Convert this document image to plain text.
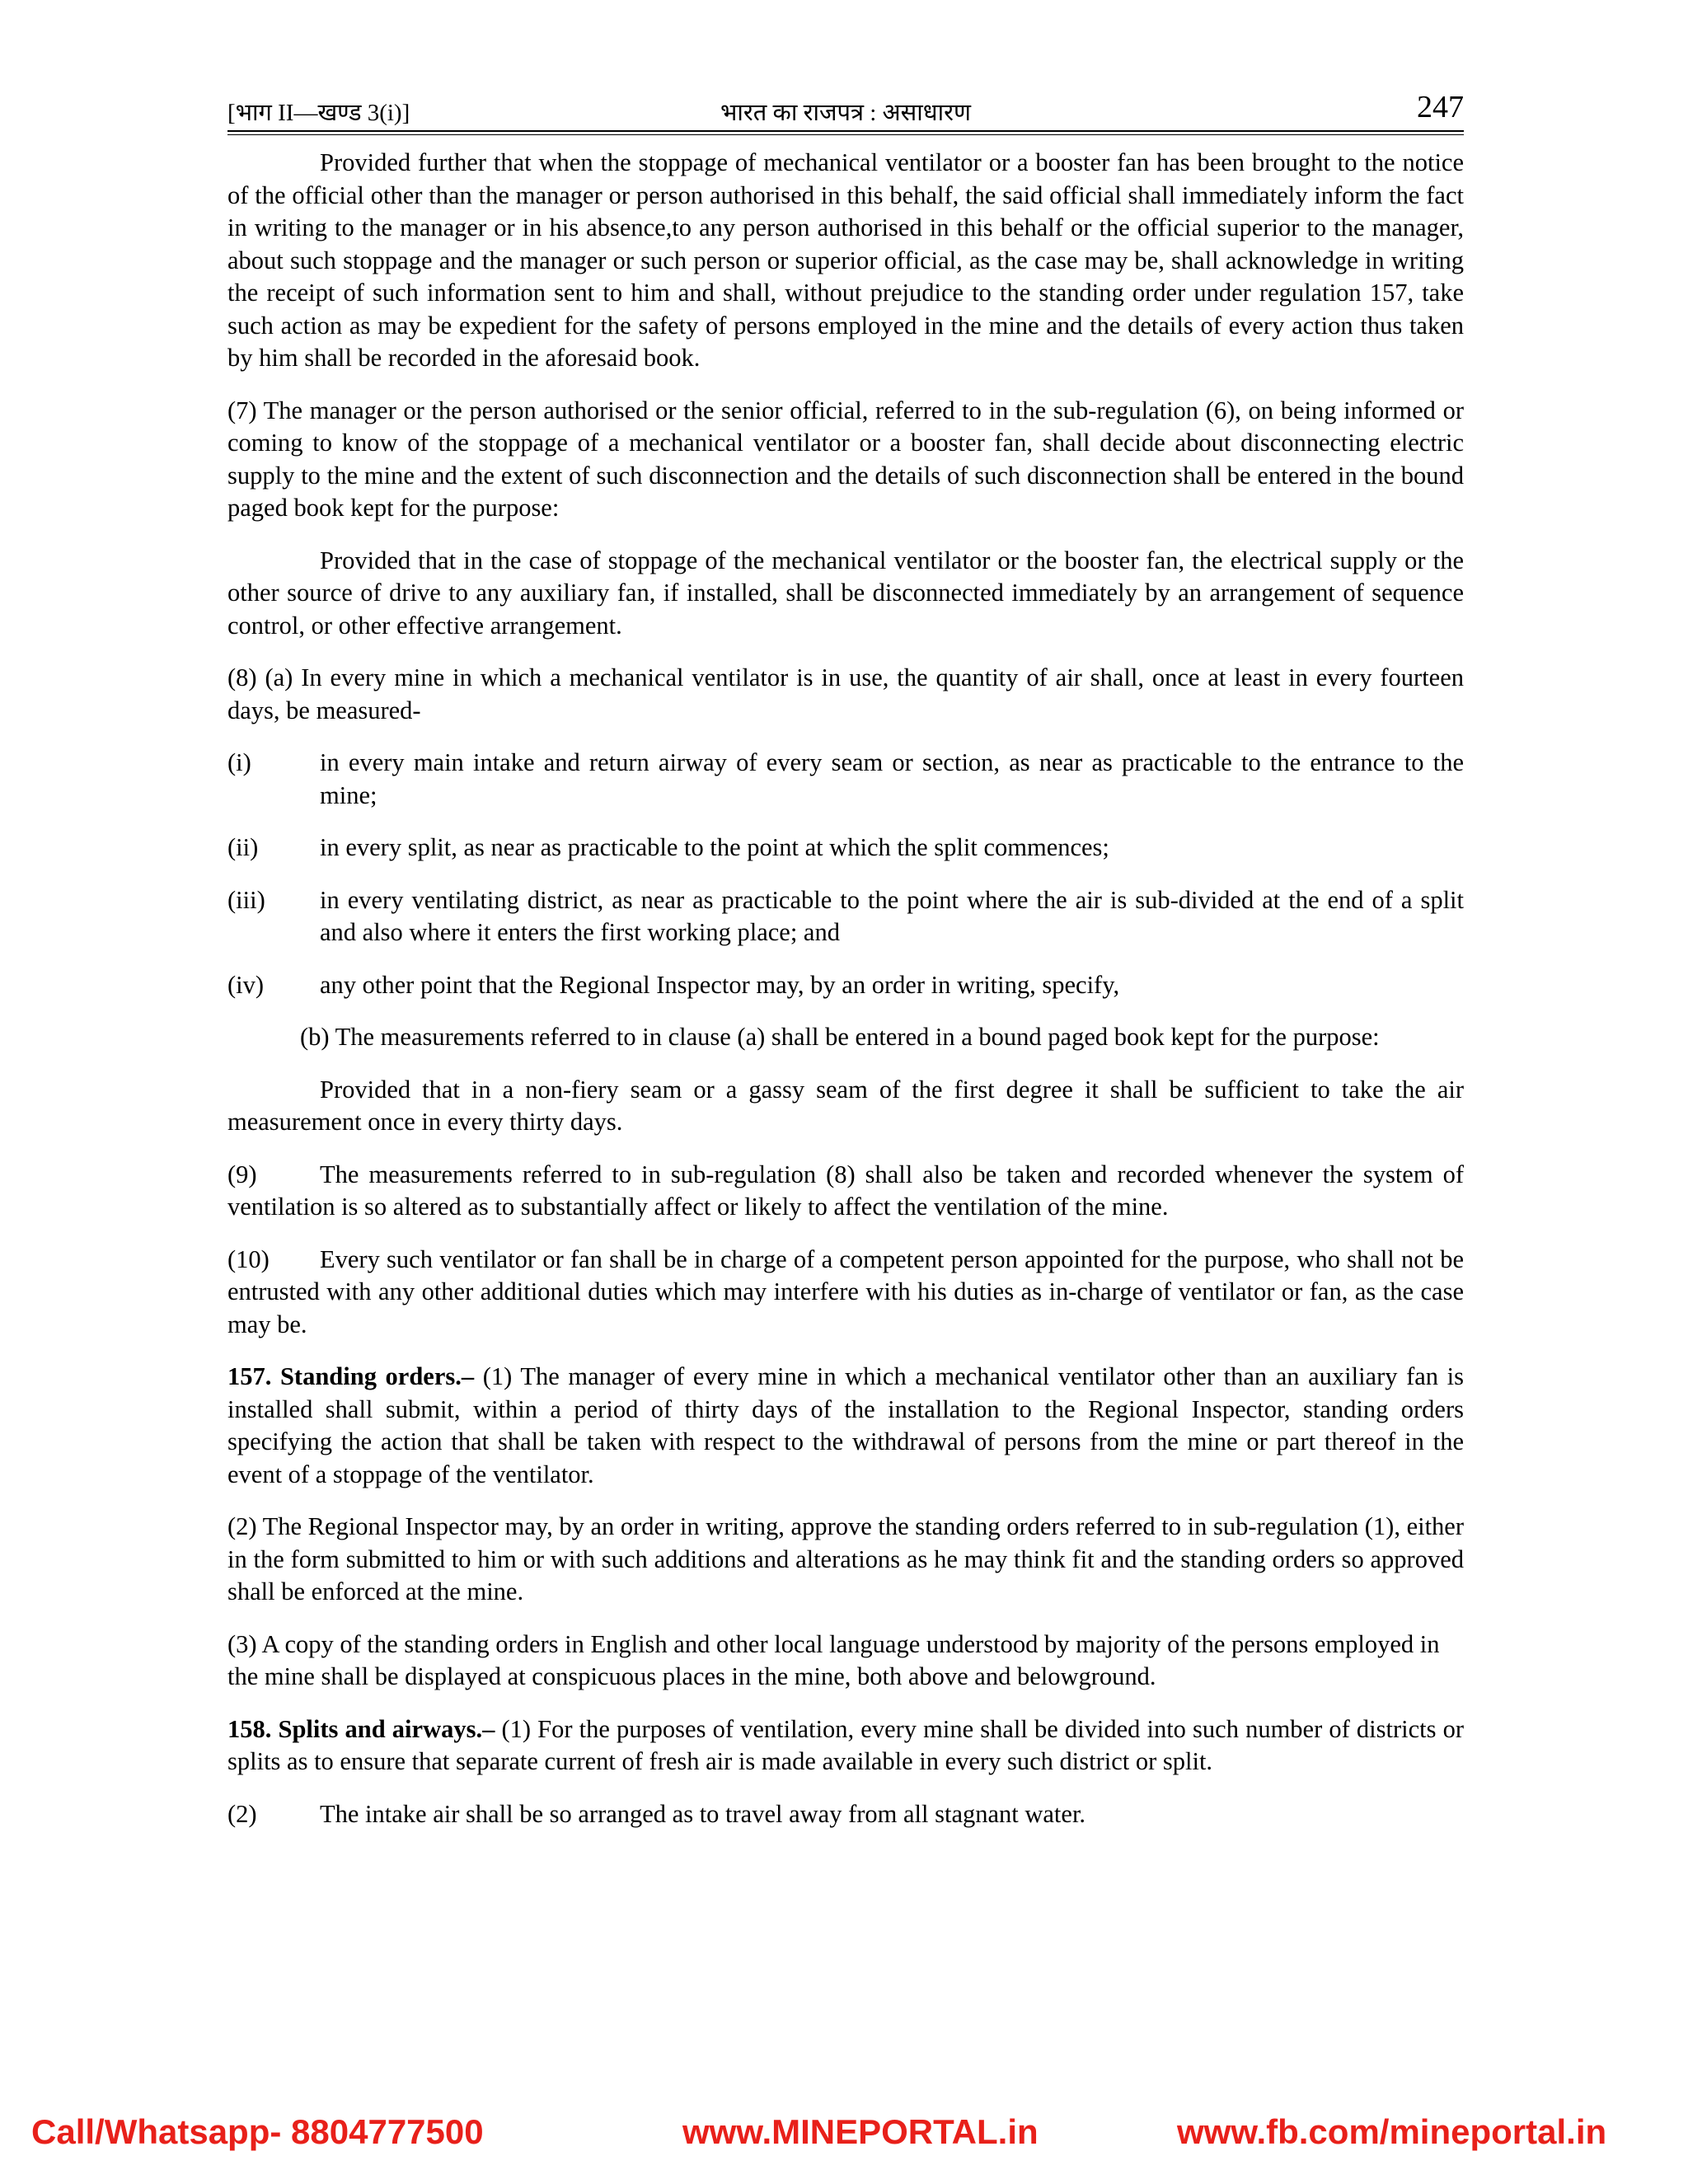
[भाग II—खण्ड 3(i)]	भारत का राजपत्र : असाधारण	247

Provided further that when the stoppage of mechanical ventilator or a booster fan has been brought to the notice of the official other than the manager or person authorised in this behalf, the said official shall immediately inform the fact in writing to the manager or in his absence,to any person authorised in this behalf or the official superior to the manager, about such stoppage and the manager or such person or superior official, as the case may be, shall acknowledge in writing the receipt of such information sent to him and shall, without prejudice to the standing order under regulation 157, take such action as may be expedient for the safety of persons employed in the mine and the details of every action thus taken by him shall be recorded in the aforesaid book.

(7) The manager or the person authorised or the senior official, referred to in the sub-regulation (6), on being informed or coming to know of the stoppage of a mechanical ventilator or a booster fan, shall decide about disconnecting electric supply to the mine and the extent of such disconnection and the details of such disconnection shall be entered in the bound paged book kept for the purpose:

Provided that in the case of stoppage of the mechanical ventilator or the booster fan, the electrical supply or the other source of drive to any auxiliary fan, if installed, shall be disconnected immediately by an arrangement of sequence control, or other effective arrangement.

(8) (a) In every mine in which a mechanical ventilator is in use, the quantity of air shall, once at least in every fourteen days, be measured-

(i)	in every main intake and return airway of every seam or section, as near as practicable to the entrance to the mine;
(ii)	in every split, as near as practicable to the point at which the split commences;
(iii)	in every ventilating district, as near as practicable to the point where the air is sub-divided at the end of a split and also where it enters the first working place; and
(iv)	any other point that the Regional Inspector may, by an order in writing, specify,

(b) The measurements referred to in clause (a) shall be entered in a bound paged book kept for the purpose:

Provided that in a non-fiery seam or a gassy seam of the first degree it shall be sufficient to take the air measurement once in every thirty days.

(9)	The measurements referred to in sub-regulation (8) shall also be taken and recorded whenever the system of ventilation is so altered as to substantially affect or likely to affect the ventilation of the mine.

(10) Every such ventilator or fan shall be in charge of a competent person appointed for the purpose, who shall not be entrusted with any other additional duties which may interfere with his duties as in-charge of ventilator or fan, as the case may be.

157. Standing orders.– (1) The manager of every mine in which a mechanical ventilator other than an auxiliary fan is installed shall submit, within a period of thirty days of the installation to the Regional Inspector, standing orders specifying the action that shall be taken with respect to the withdrawal of persons from the mine or part thereof in the event of a stoppage of the ventilator.

(2) The Regional Inspector may, by an order in writing, approve the standing orders referred to in sub-regulation (1), either in the form submitted to him or with such additions and alterations as he may think fit and the standing orders so approved shall be enforced at the mine.

(3) A copy of the standing orders in English and other local language understood by majority of the persons employed in the mine shall be displayed at conspicuous places in the mine, both above and belowground.

158. Splits and airways.– (1) For the purposes of ventilation, every mine shall be divided into such number of districts or splits as to ensure that separate current of fresh air is made available in every such district or split.

(2)	The intake air shall be so arranged as to travel away from all stagnant water.

Call/Whatsapp- 8804777500	www.MINEPORTAL.in	www.fb.com/mineportal.in
